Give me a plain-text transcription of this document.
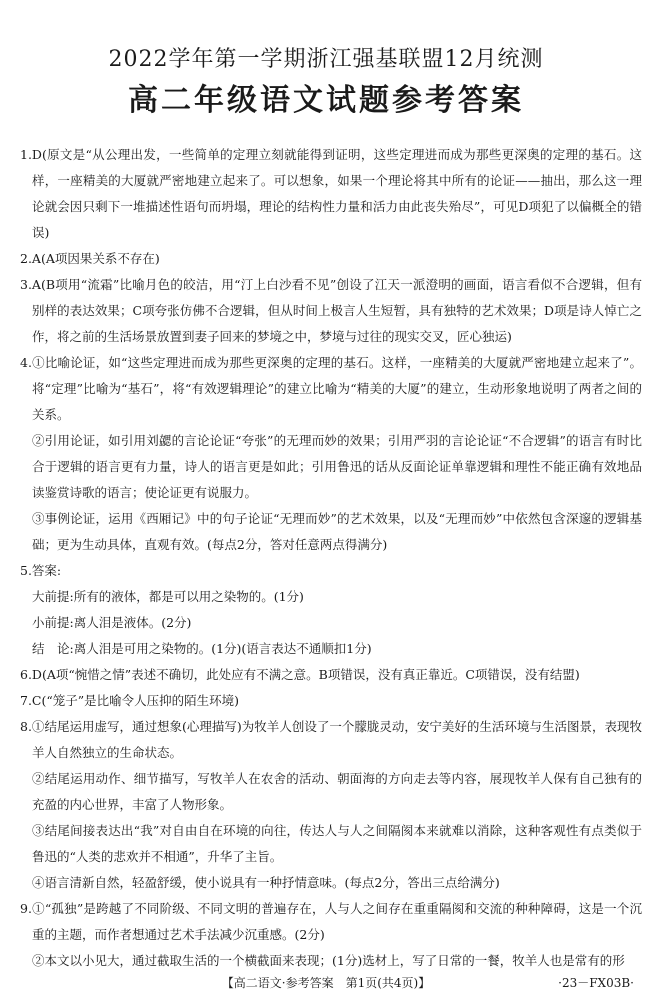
2022学年第一学期浙江强基联盟12月统测
高二年级语文试题参考答案
1.D(原文是“从公理出发，一些简单的定理立刻就能得到证明，这些定理进而成为那些更深奥的定理的基石。这样，一座精美的大厦就严密地建立起来了。可以想象，如果一个理论将其中所有的论证——抽出，那么这一理论就会因只剩下一堆描述性语句而坍塌，理论的结构性力量和活力由此丧失殆尽”，可见D项犯了以偏概全的错误)
2.A(A项因果关系不存在)
3.A(B项用“流霜”比喻月色的皎洁，用“汀上白沙看不见”创设了江天一派澄明的画面，语言看似不合逻辑，但有别样的表达效果；C项夸张仿佛不合逻辑，但从时间上极言人生短暂，具有独特的艺术效果；D项是诗人悼亡之作，将之前的生活场景放置到妻子回来的梦境之中，梦境与过往的现实交叉，匠心独运)
4.①比喻论证，如“这些定理进而成为那些更深奥的定理的基石。这样，一座精美的大厦就严密地建立起来了”。将“定理”比喻为“基石”，将“有效逻辑理论”的建立比喻为“精美的大厦”的建立，生动形象地说明了两者之间的关系。
②引用论证，如引用刘勰的言论论证“夸张”的无理而妙的效果；引用严羽的言论论证“不合逻辑”的语言有时比合于逻辑的语言更有力量，诗人的语言更是如此；引用鲁迅的话从反面论证单靠逻辑和理性不能正确有效地品读鉴赏诗歌的语言；使论证更有说服力。
③事例论证，运用《西厢记》中的句子论证“无理而妙”的艺术效果，以及“无理而妙”中依然包含深邃的逻辑基础；更为生动具体，直观有效。(每点2分，答对任意两点得满分)
5.答案:
大前提:所有的液体，都是可以用之染物的。(1分)
小前提:离人泪是液体。(2分)
结　论:离人泪是可用之染物的。(1分)(语言表达不通顺扣1分)
6.D(A项“惋惜之情”表述不确切，此处应有不满之意。B项错误，没有真正靠近。C项错误，没有结盟)
7.C(“笼子”是比喻令人压抑的陌生环境)
8.①结尾运用虚写，通过想象(心理描写)为牧羊人创设了一个朦胧灵动，安宁美好的生活环境与生活图景，表现牧羊人自然独立的生命状态。
②结尾运用动作、细节描写，写牧羊人在农舍的活动、朝面海的方向走去等内容，展现牧羊人保有自己独有的充盈的内心世界，丰富了人物形象。
③结尾间接表达出“我”对自由自在环境的向往，传达人与人之间隔阂本来就难以消除，这种客观性有点类似于鲁迅的“人类的悲欢并不相通”，升华了主旨。
④语言清新自然，轻盈舒缓，使小说具有一种抒情意味。(每点2分，答出三点给满分)
9.①“孤独”是跨越了不同阶级、不同文明的普遍存在，人与人之间存在重重隔阂和交流的种种障碍，这是一个沉重的主题，而作者想通过艺术手法减少沉重感。(2分)
②本文以小见大，通过截取生活的一个横截面来表现；(1分)选材上，写了日常的一餐，牧羊人也是常有的形
【高二语文·参考答案　第1页(共4页)】	·23－FX03B·
